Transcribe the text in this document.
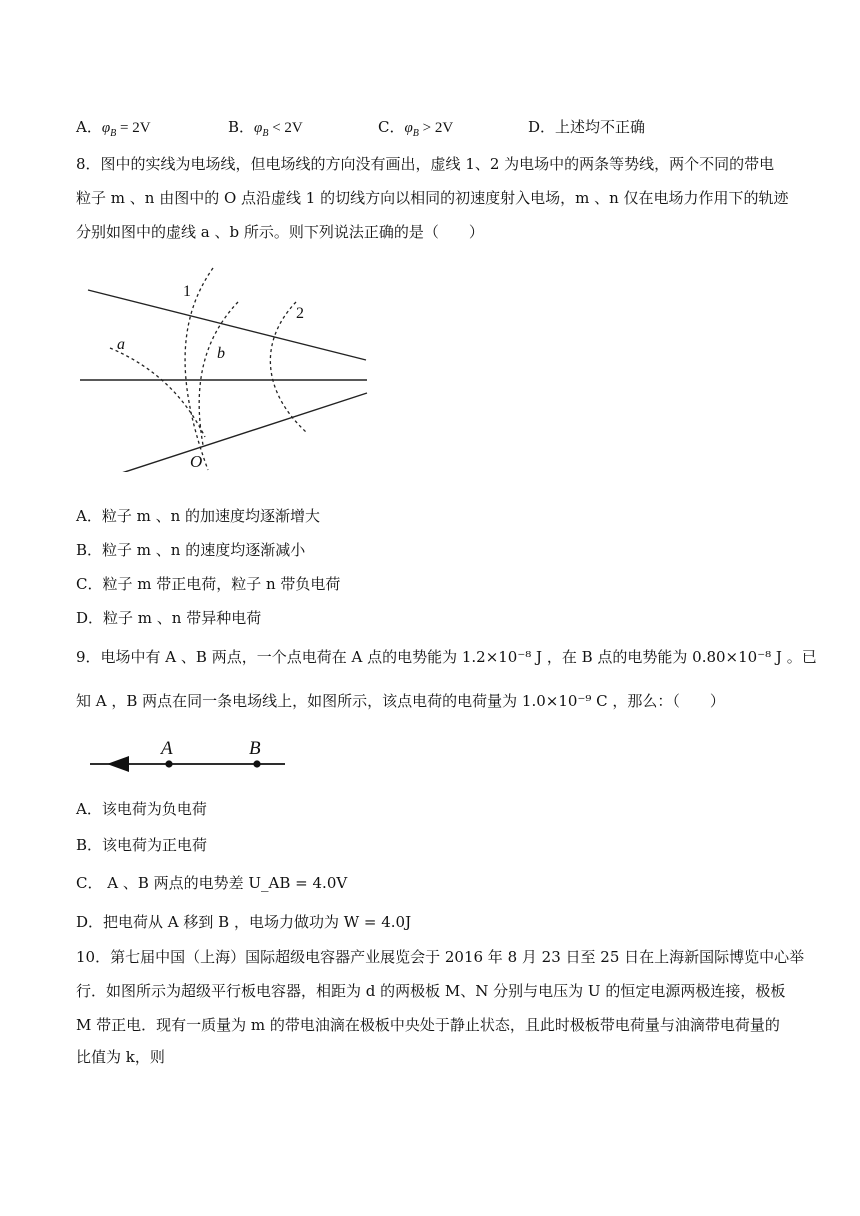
A．$\varphi_B = 2V$	B．$\varphi_B < 2V$	C．$\varphi_B > 2V$	D．上述均不正确
8．图中的实线为电场线，但电场线的方向没有画出，虚线 1、2 为电场中的两条等势线，两个不同的带电
粒子 m 、n 由图中的 O 点沿虚线 1 的切线方向以相同的初速度射入电场，m 、n 仅在电场力作用下的轨迹
分别如图中的虚线 a 、b 所示。则下列说法正确的是（　　）
1
2
a
b
O
A．粒子 m 、n 的加速度均逐渐增大
B．粒子 m 、n 的速度均逐渐减小
C．粒子 m 带正电荷，粒子 n 带负电荷
D．粒子 m 、n 带异种电荷
9．电场中有 A 、B 两点，一个点电荷在 A 点的电势能为 1.2×10⁻⁸ J ，在 B 点的电势能为 0.80×10⁻⁸ J 。已
知 A ，B 两点在同一条电场线上，如图所示，该点电荷的电荷量为 1.0×10⁻⁹ C ，那么：（　　）
A	B
A．该电荷为负电荷
B．该电荷为正电荷
C． A 、B 两点的电势差 U_AB = 4.0V
D．把电荷从 A 移到 B ，电场力做功为 W = 4.0J
10．第七届中国（上海）国际超级电容器产业展览会于 2016 年 8 月 23 日至 25 日在上海新国际博览中心举
行．如图所示为超级平行板电容器，相距为 d 的两极板 M、N 分别与电压为 U 的恒定电源两极连接，极板
M 带正电．现有一质量为 m 的带电油滴在极板中央处于静止状态，且此时极板带电荷量与油滴带电荷量的
比值为 k，则
